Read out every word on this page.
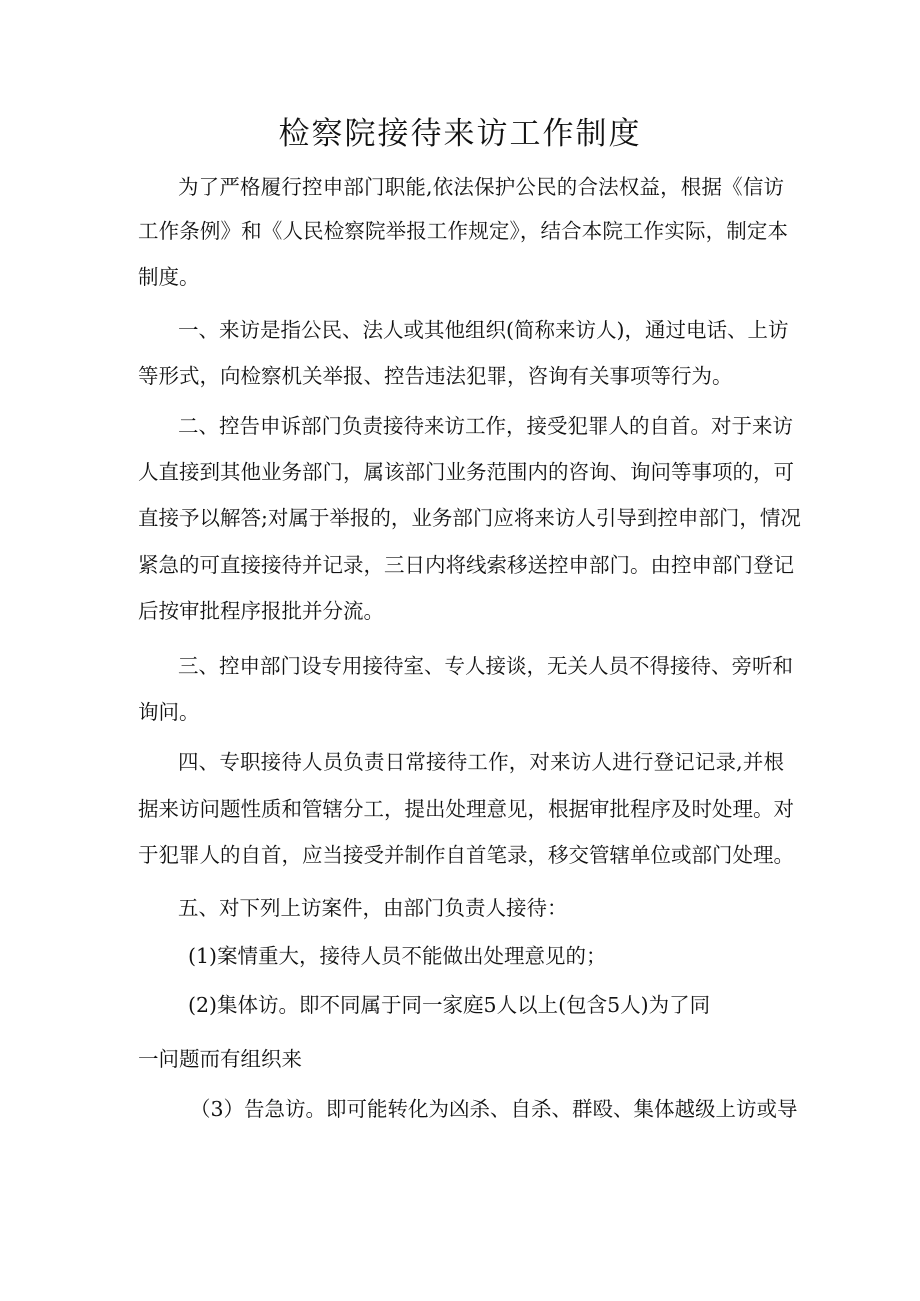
检察院接待来访工作制度
为了严格履行控申部门职能,依法保护公民的合法权益，根据《信访
工作条例》和《人民检察院举报工作规定》，结合本院工作实际，制定本
制度。
一、来访是指公民、法人或其他组织(简称来访人)，通过电话、上访
等形式，向检察机关举报、控告违法犯罪，咨询有关事项等行为。
二、控告申诉部门负责接待来访工作，接受犯罪人的自首。对于来访
人直接到其他业务部门，属该部门业务范围内的咨询、询问等事项的，可
直接予以解答;对属于举报的，业务部门应将来访人引导到控申部门，情况
紧急的可直接接待并记录，三日内将线索移送控申部门。由控申部门登记
后按审批程序报批并分流。
三、控申部门设专用接待室、专人接谈，无关人员不得接待、旁听和
询问。
四、专职接待人员负责日常接待工作，对来访人进行登记记录,并根
据来访问题性质和管辖分工，提出处理意见，根据审批程序及时处理。对
于犯罪人的自首，应当接受并制作自首笔录，移交管辖单位或部门处理。
五、对下列上访案件，由部门负责人接待：
(1)案情重大，接待人员不能做出处理意见的；
(2)集体访。即不同属于同一家庭5人以上(包含5人)为了同
一问题而有组织来
（3）告急访。即可能转化为凶杀、自杀、群殴、集体越级上访或导
